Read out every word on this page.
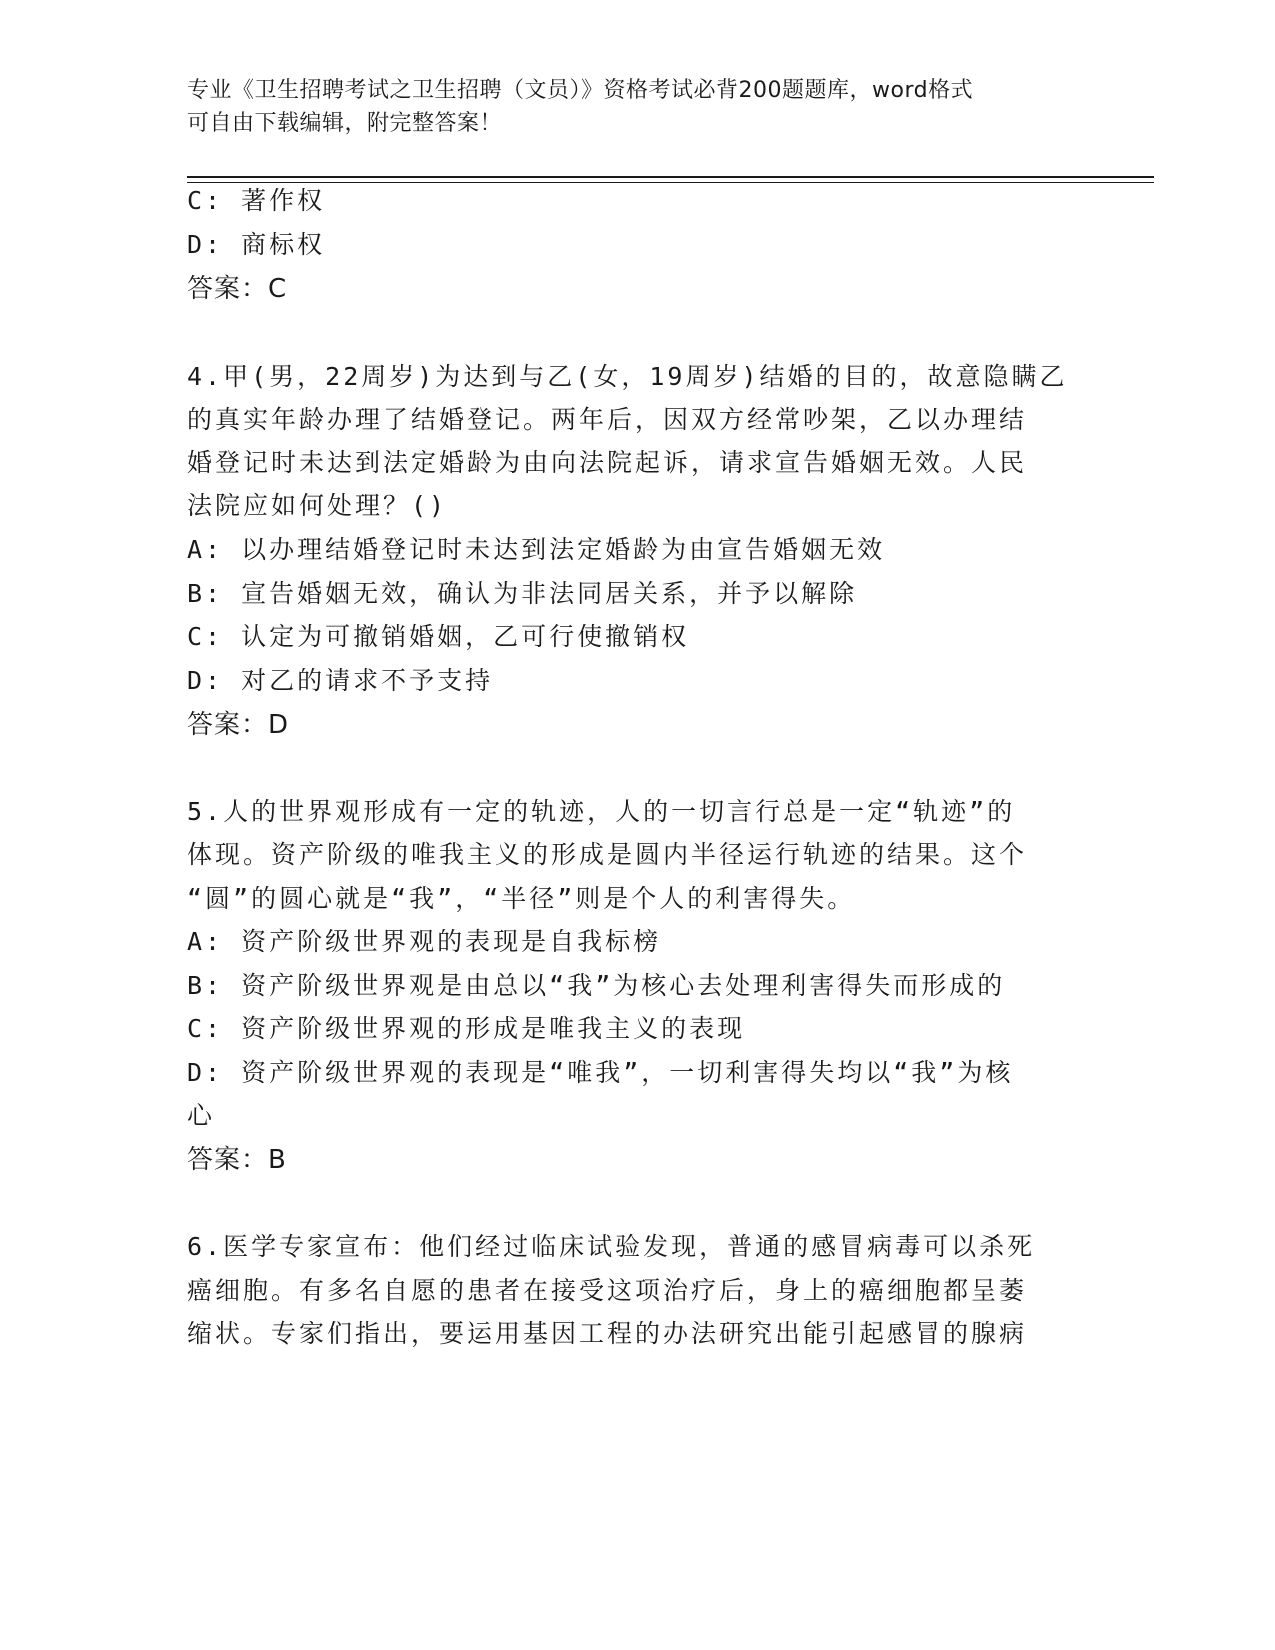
专业《卫生招聘考试之卫生招聘（文员）》资格考试必背200题题库，word格式
可自由下载编辑，附完整答案！
C: 著作权
D: 商标权
答案：C
4.甲(男，22周岁)为达到与乙(女，19周岁)结婚的目的，故意隐瞒乙
的真实年龄办理了结婚登记。两年后，因双方经常吵架，乙以办理结
婚登记时未达到法定婚龄为由向法院起诉，请求宣告婚姻无效。人民
法院应如何处理？()
A: 以办理结婚登记时未达到法定婚龄为由宣告婚姻无效
B: 宣告婚姻无效，确认为非法同居关系，并予以解除
C: 认定为可撤销婚姻，乙可行使撤销权
D: 对乙的请求不予支持
答案：D
5.人的世界观形成有一定的轨迹，人的一切言行总是一定“轨迹”的
体现。资产阶级的唯我主义的形成是圆内半径运行轨迹的结果。这个
“圆”的圆心就是“我”，“半径”则是个人的利害得失。
A: 资产阶级世界观的表现是自我标榜
B: 资产阶级世界观是由总以“我”为核心去处理利害得失而形成的
C: 资产阶级世界观的形成是唯我主义的表现
D: 资产阶级世界观的表现是“唯我”，一切利害得失均以“我”为核
心
答案：B
6.医学专家宣布：他们经过临床试验发现，普通的感冒病毒可以杀死
癌细胞。有多名自愿的患者在接受这项治疗后，身上的癌细胞都呈萎
缩状。专家们指出，要运用基因工程的办法研究出能引起感冒的腺病
